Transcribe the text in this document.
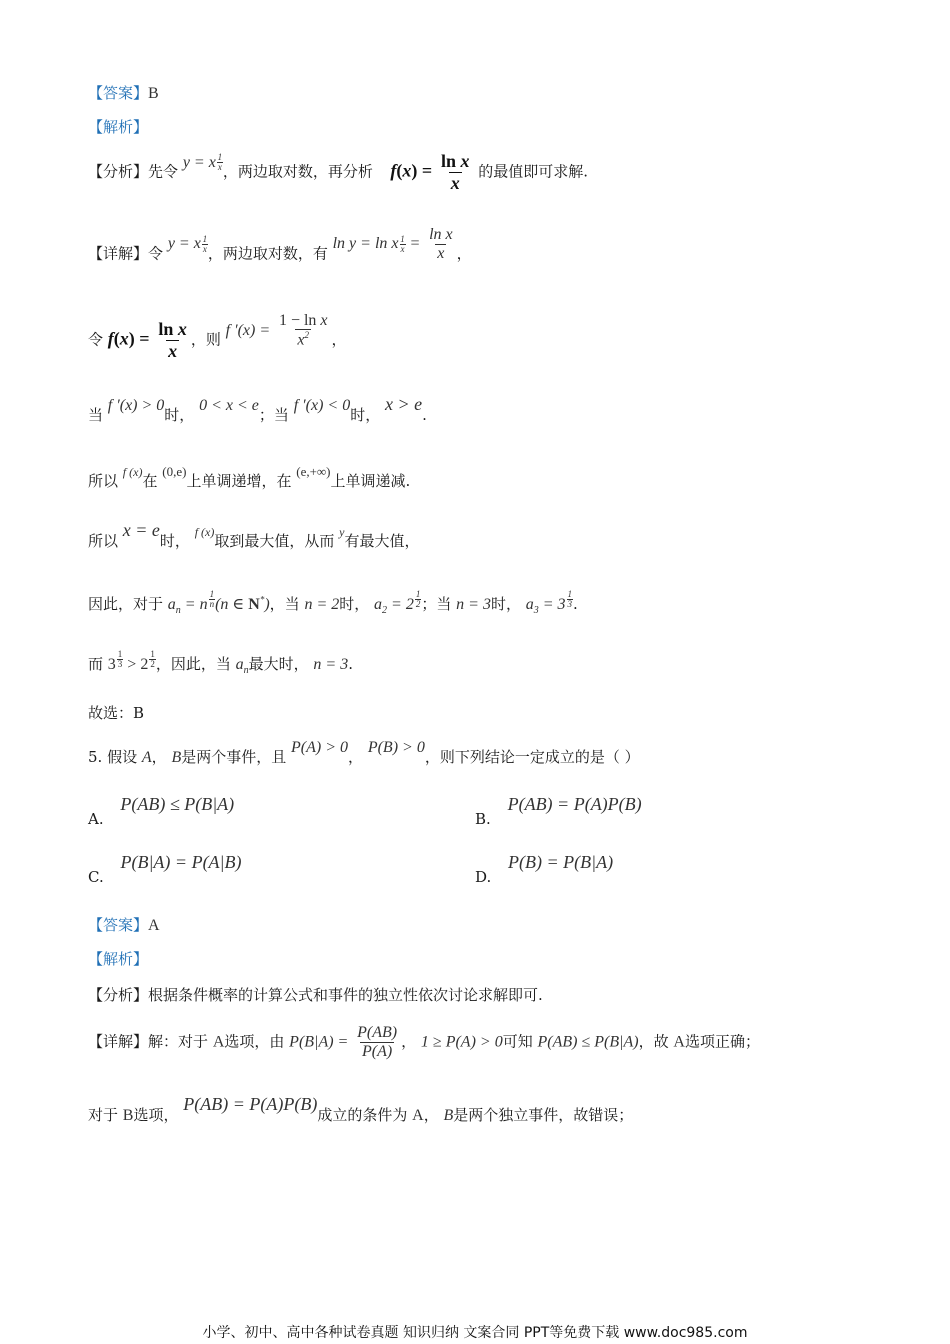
【答案】B
【解析】
【分析】先令 y = x $\frac{1}{x}$ ，两边取对数，再分析 $f(x) = \frac{\text{ln x}}{x}$ 的最值即可求解.
【详解】令 y = x $\frac{1}{x}$ ，两边取对数，有 ln y = ln x $\frac{1}{x} = \frac{\text{ln x}}{x}$ ，
令 $f(x) = \frac{\text{ln x}}{x}$ ，则 f $'(x) = \frac{\text{1 − ln x}}{x^2}$ ，
当 f ′(x) > 0时， 0 < x < e；当 f ′(x) < 0时， x > e.
所以 $^{f (x)}$在 (0,e)上单调递增，在 (e,+∞)上单调递减.
所以 x = e时， $^{f (x)}$取到最大值，从而 $^y$有最大值，
因此，对于 $a_n = n \frac{1}{n} (n$ ∈ N*)，当 n = 2时， $a_2 = 2 \frac{1}{2}$ ；当 n = 3时， $a_3 = 3 \frac{1}{3}$ .
而 $3 \frac{1}{3} > 2 \frac{1}{2}$ ，因此，当 $a_n$最大时， n = 3.
故选：B
5. 假设 A， B是两个事件，且 P(A) > 0， P(B) > 0，则下列结论一定成立的是（ ）
A. P(AB) ≤ P(B|A)
B. P(AB) = P(A)P(B)
C. P(B|A) = P(A|B)
D. P(B) = P(B|A)
【答案】A
【解析】
【分析】根据条件概率的计算公式和事件的独立性依次讨论求解即可.
【详解】解：对于 A选项，由 $P(B|A) = \frac{P(AB)}{P(A)}$ ， 1 ≥ P(A) > 0可知 P(AB) ≤ P(B|A)，故 A选项正确；
对于 B选项， P(AB) = P(A)P(B)成立的条件为 A， B是两个独立事件，故错误；
小学、初中、高中各种试卷真题 知识归纳 文案合同 PPT等免费下载 www.doc985.com
